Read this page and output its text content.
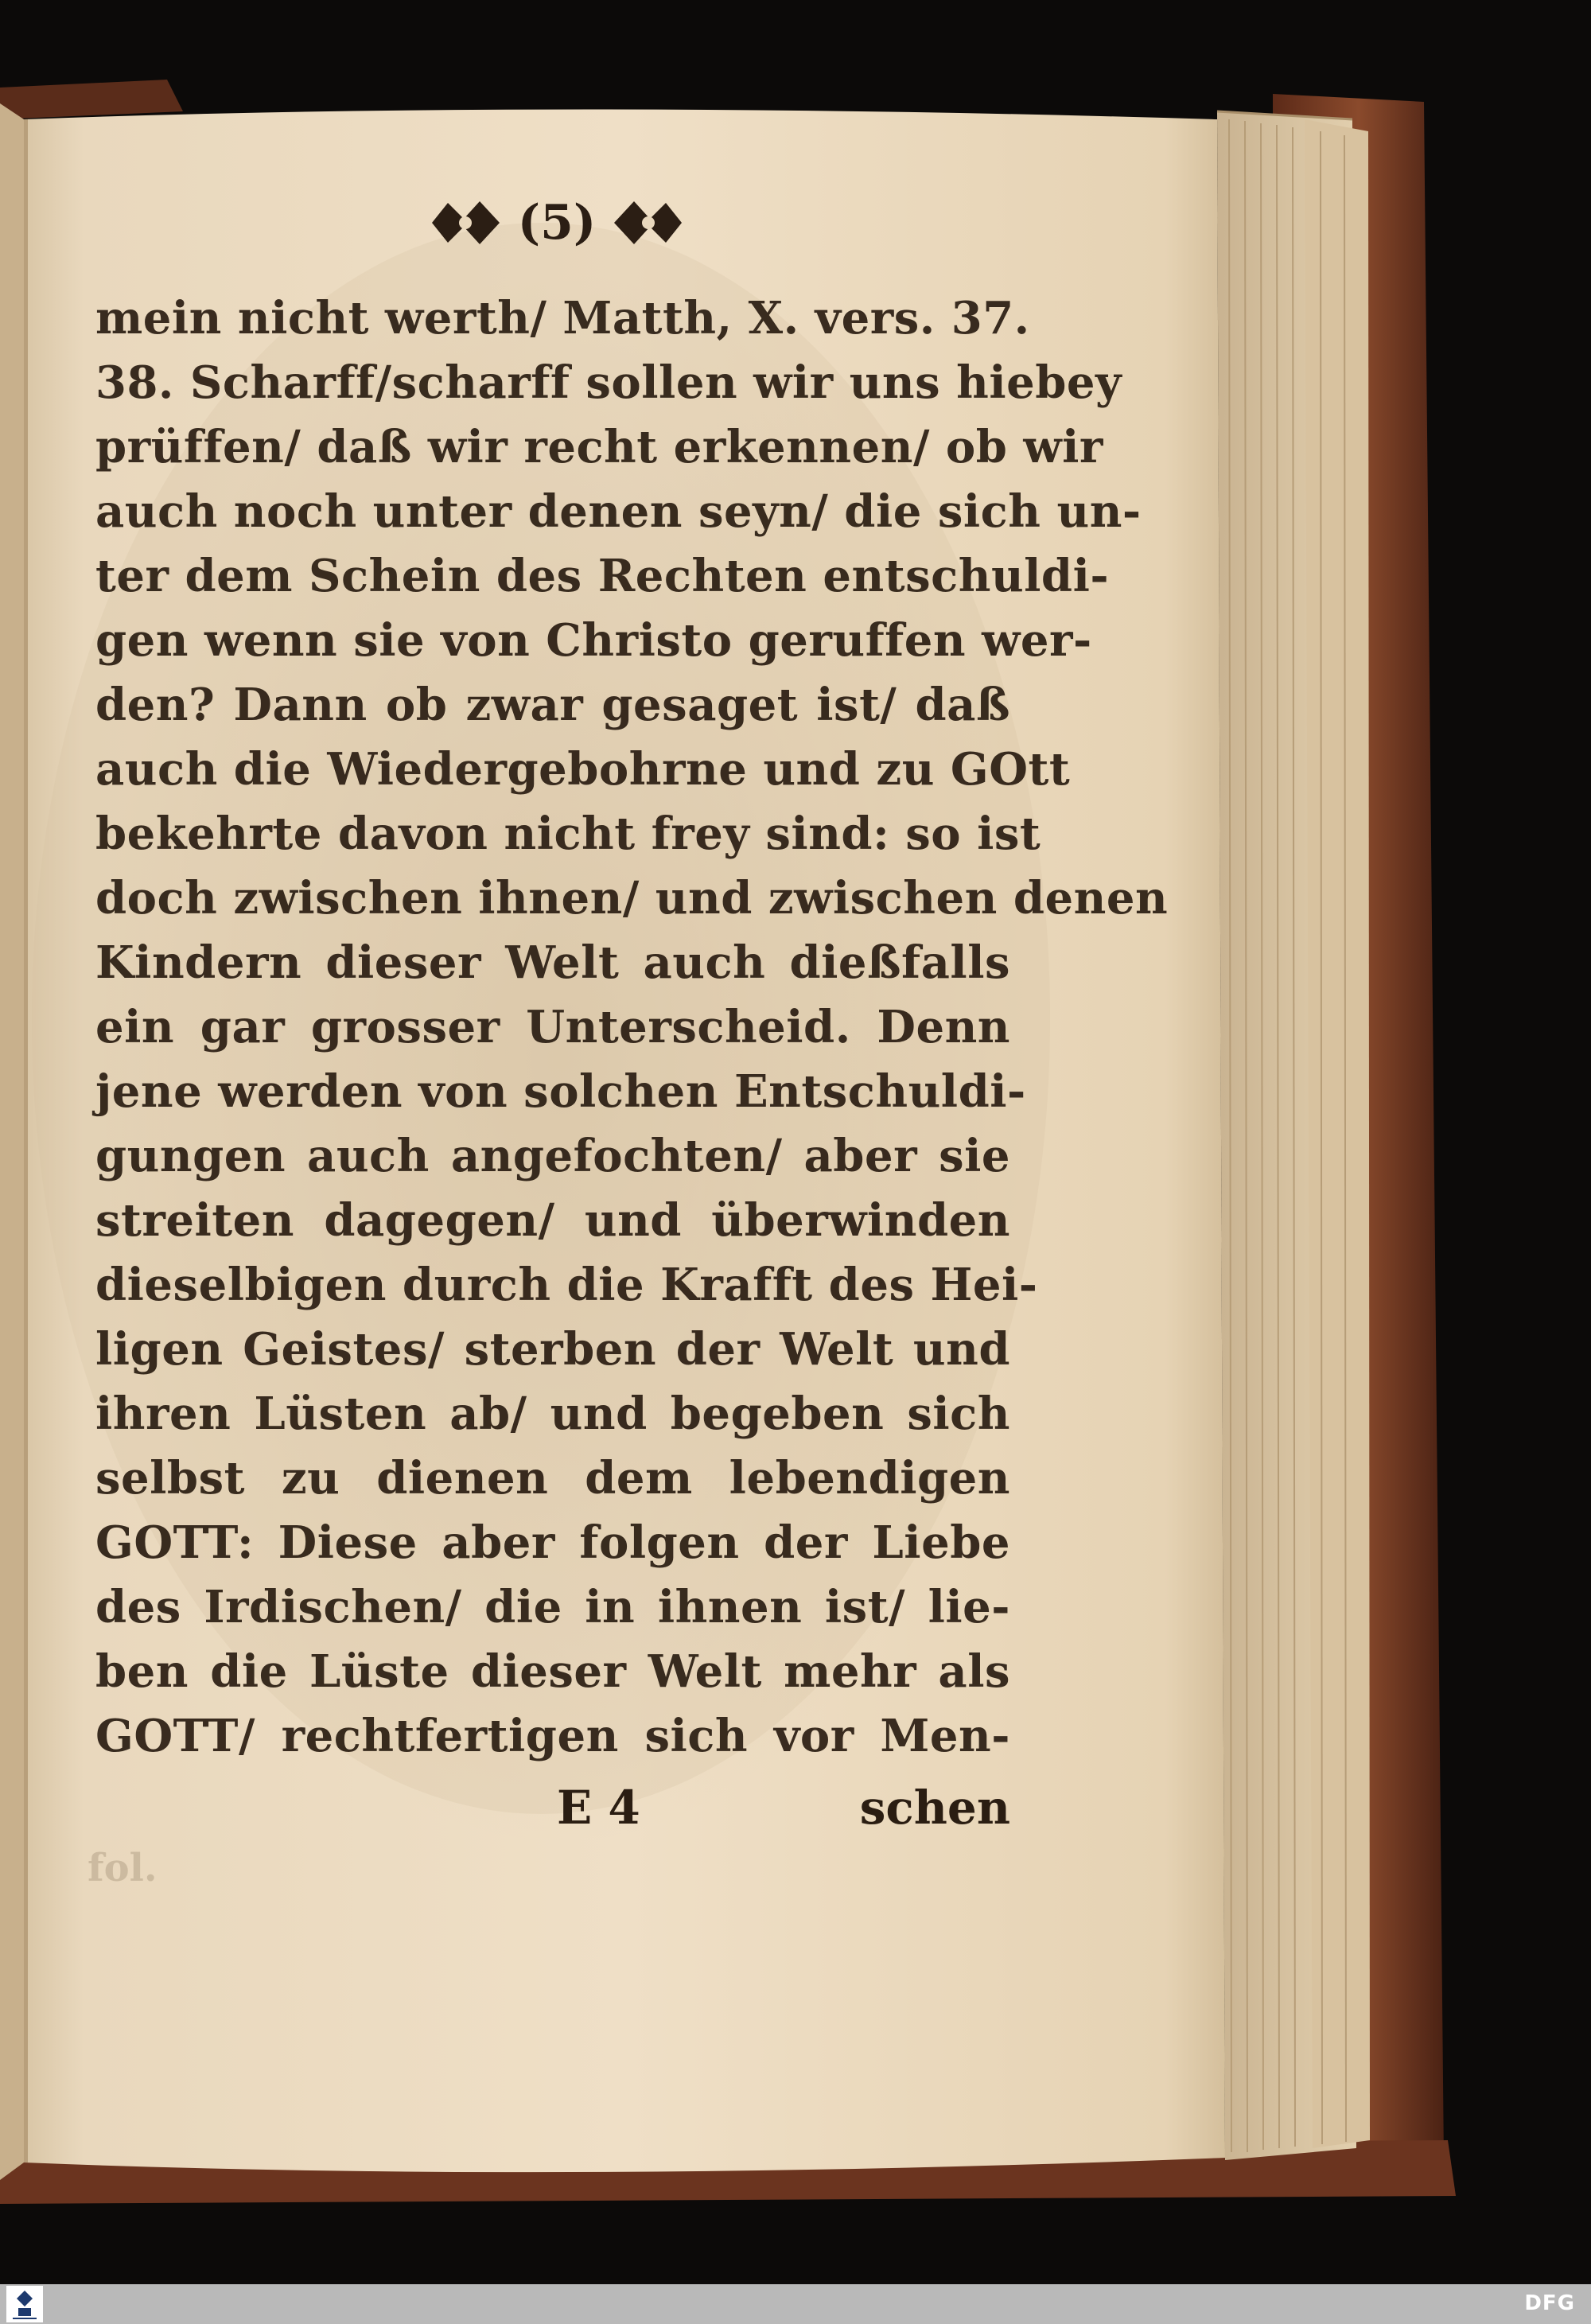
(5)
mein nicht werth/ Matth, X. vers. 37.
38. Scharff/scharff sollen wir uns hiebey
prüffen/ daß wir recht erkennen/ ob wir
auch noch unter denen seyn/ die sich un-
ter dem Schein des Rechten entschuldi-
gen wenn sie von Christo geruffen wer-
den? Dann ob zwar gesaget ist/ daß
auch die Wiedergebohrne und zu GOtt
bekehrte davon nicht frey sind: so ist
doch zwischen ihnen/ und zwischen denen
Kindern dieser Welt auch dießfalls
ein gar grosser Unterscheid. Denn
jene werden von solchen Entschuldi-
gungen auch angefochten/ aber sie
streiten dagegen/ und überwinden
dieselbigen durch die Krafft des Hei-
ligen Geistes/ sterben der Welt und
ihren Lüsten ab/ und begeben sich
selbst zu dienen dem lebendigen
GOTT: Diese aber folgen der Liebe
des Irdischen/ die in ihnen ist/ lie-
ben die Lüste dieser Welt mehr als
GOTT/ rechtfertigen sich vor Men-
E 4	schen
fol.
DFG
